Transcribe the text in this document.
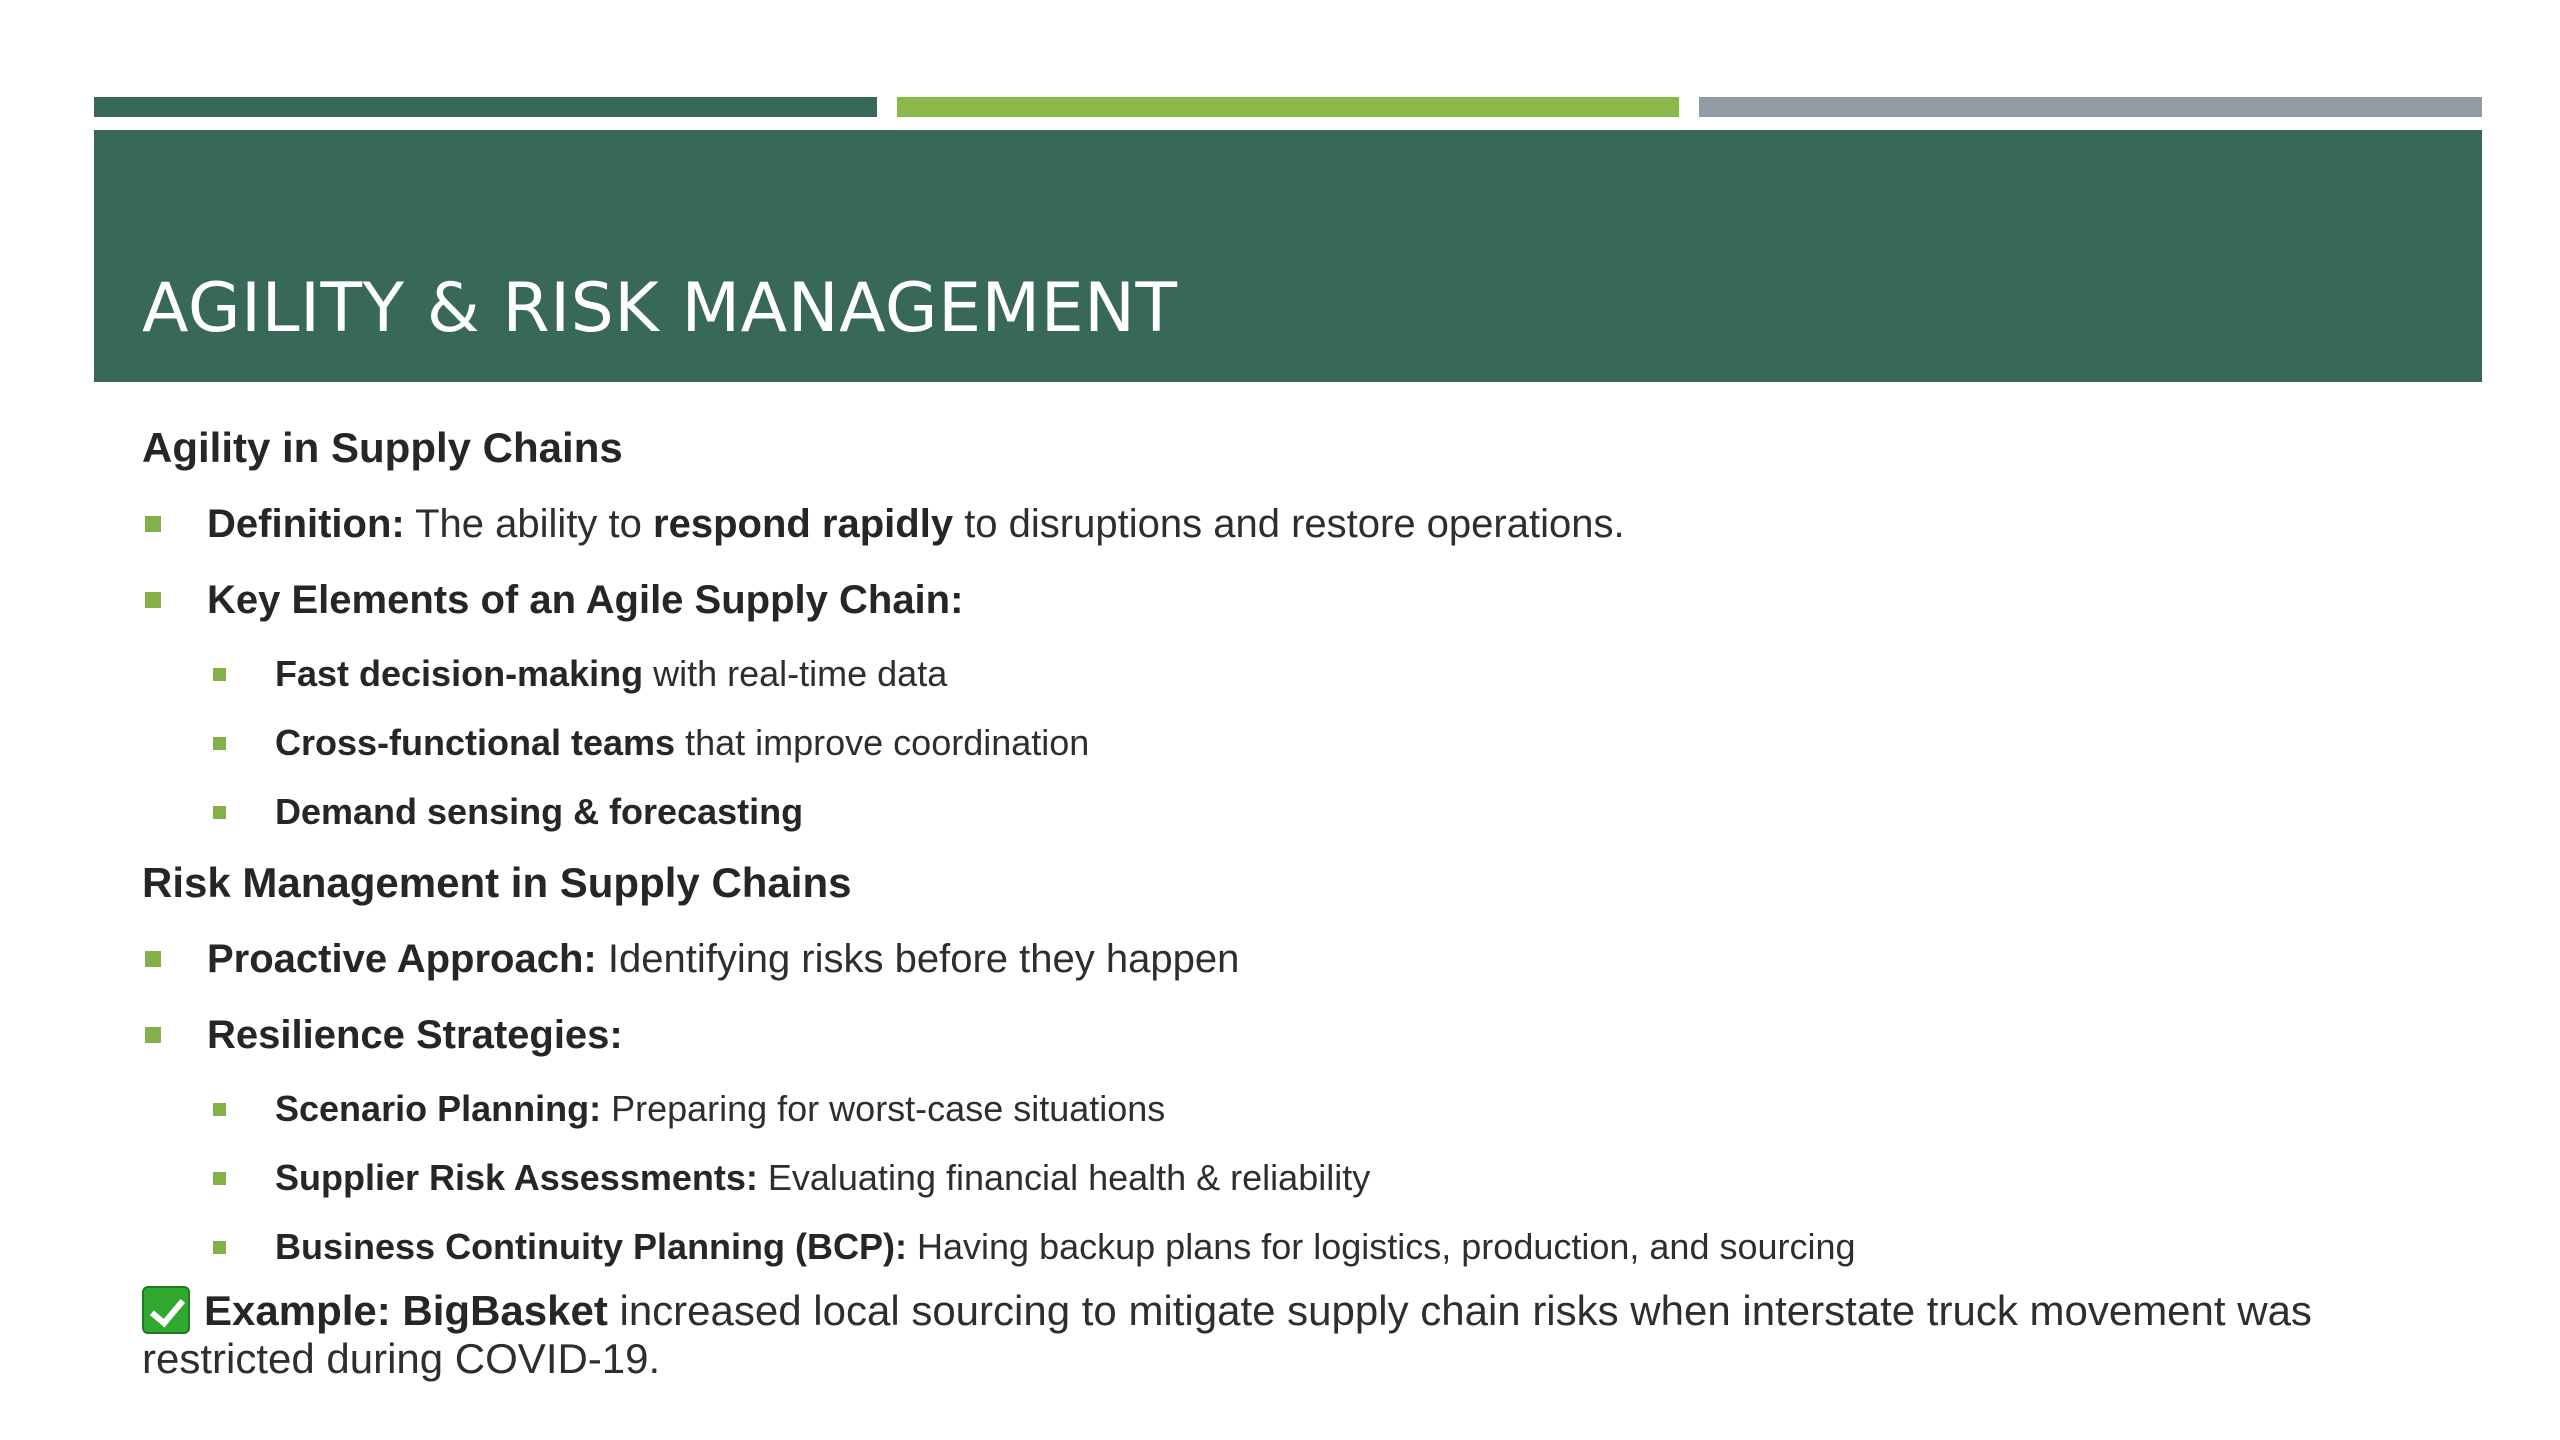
AGILITY & RISK MANAGEMENT
Agility in Supply Chains
Definition: The ability to respond rapidly to disruptions and restore operations.
Key Elements of an Agile Supply Chain:
Fast decision-making with real-time data
Cross-functional teams that improve coordination
Demand sensing & forecasting
Risk Management in Supply Chains
Proactive Approach: Identifying risks before they happen
Resilience Strategies:
Scenario Planning: Preparing for worst-case situations
Supplier Risk Assessments: Evaluating financial health & reliability
Business Continuity Planning (BCP): Having backup plans for logistics, production, and sourcing
Example: BigBasket increased local sourcing to mitigate supply chain risks when interstate truck movement was restricted during COVID-19.
